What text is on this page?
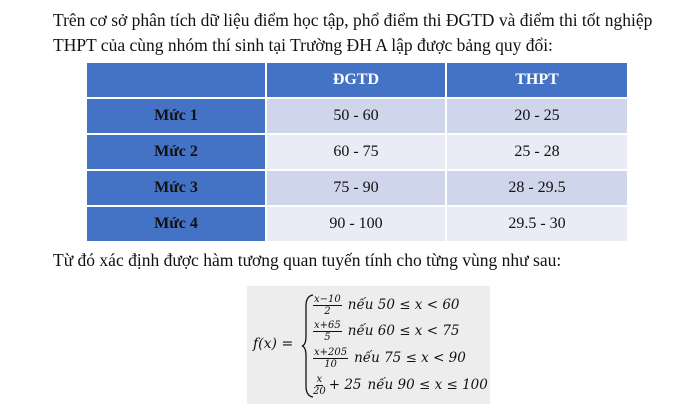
Trên cơ sở phân tích dữ liệu điểm học tập, phổ điểm thi ĐGTD và điểm thi tốt nghiệp THPT của cùng nhóm thí sinh tại Trường ĐH A lập được bảng quy đổi:

	ĐGTD	THPT
Mức 1	50 - 60	20 - 25
Mức 2	60 - 75	25 - 28
Mức 3	75 - 90	28 - 29.5
Mức 4	90 - 100	29.5 - 30

Từ đó xác định được hàm tương quan tuyến tính cho từng vùng như sau:

f(x) =
$\frac{x-10}{2}$ nếu 50 ≤ x < 60
$\frac{x+65}{5}$ nếu 60 ≤ x < 75
$\frac{x+205}{10}$ nếu 75 ≤ x < 90
$\frac{x}{20} + 25$ nếu 90 ≤ x ≤ 100
